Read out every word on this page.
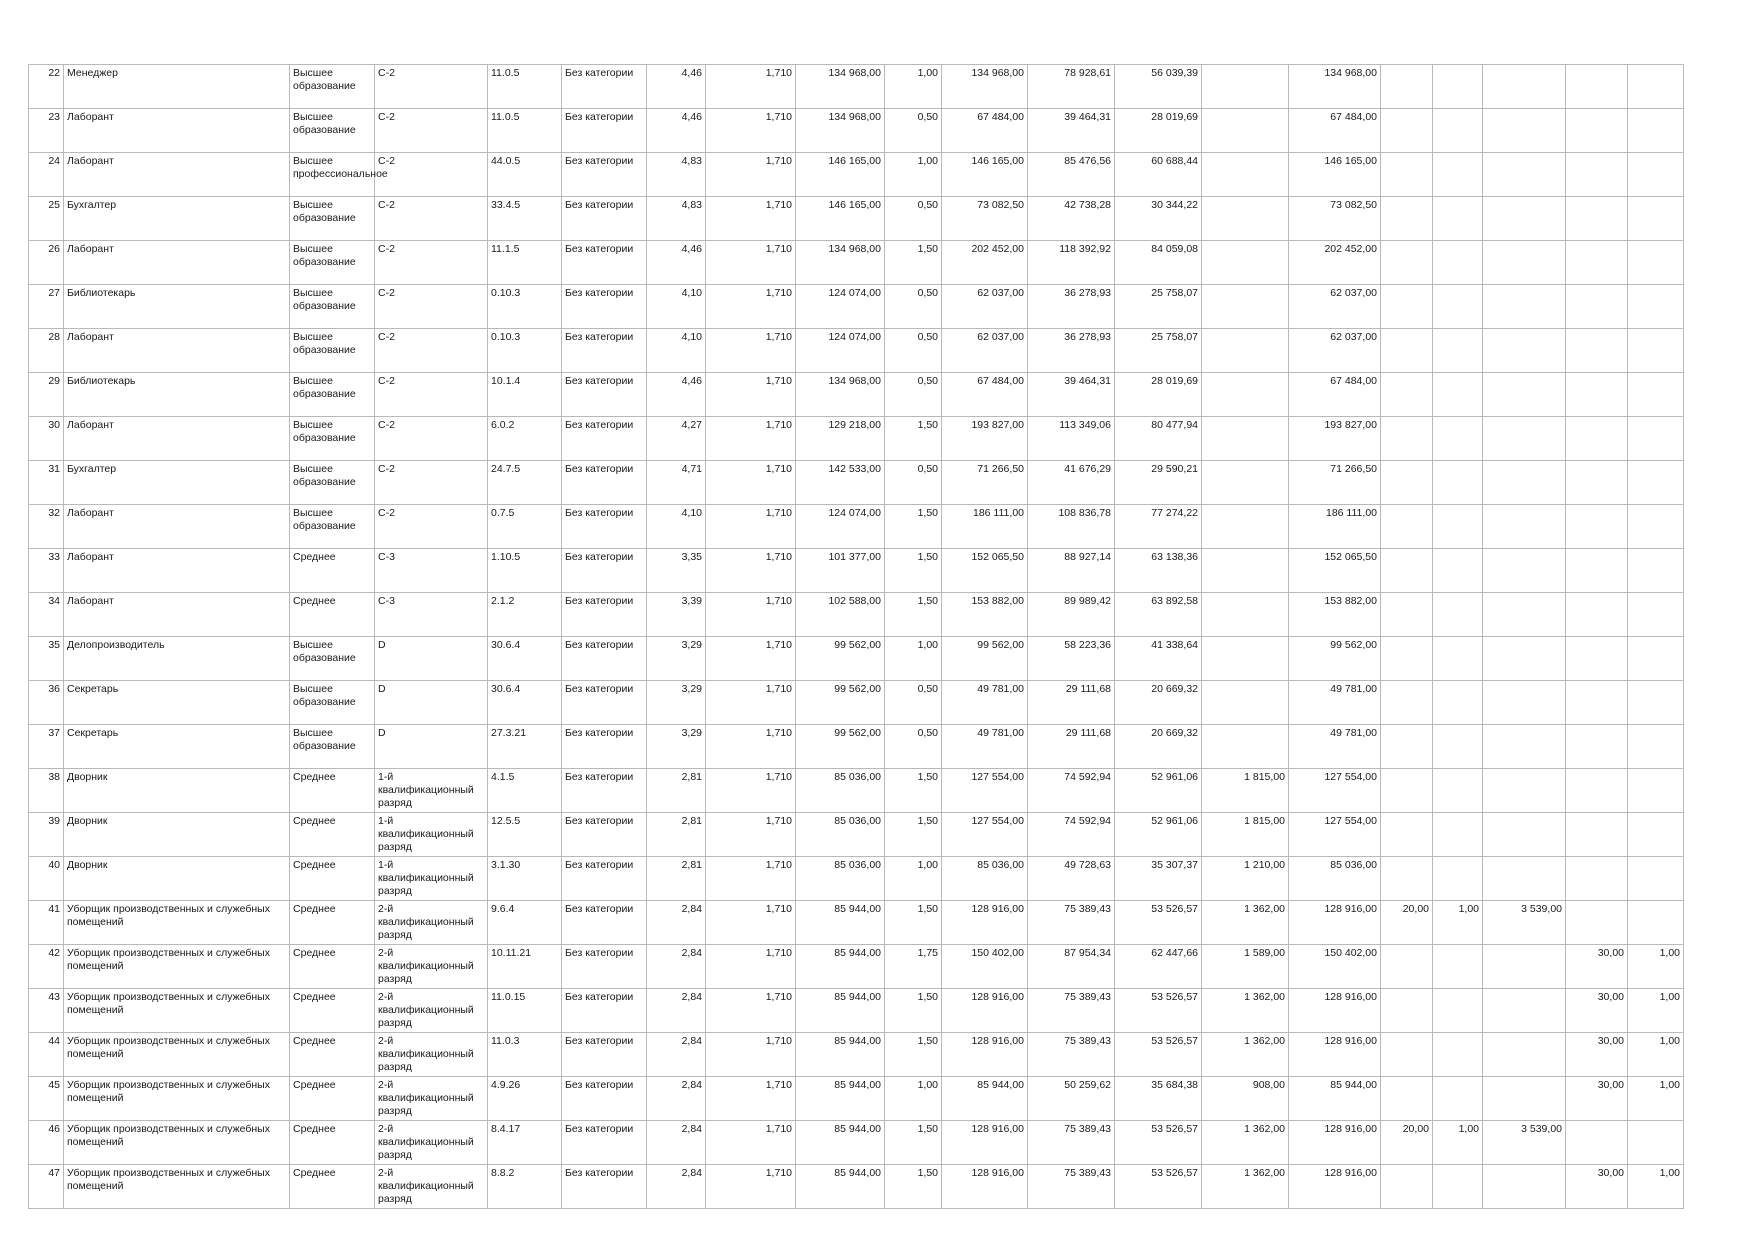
22	Менеджер	Высшее образование	C-2	11.0.5	Без категории	4,46	1,710	134 968,00	1,00	134 968,00	78 928,61	56 039,39		134 968,00					
23	Лаборант	Высшее образование	C-2	11.0.5	Без категории	4,46	1,710	134 968,00	0,50	67 484,00	39 464,31	28 019,69		67 484,00					
24	Лаборант	Высшее профессиональное	C-2	44.0.5	Без категории	4,83	1,710	146 165,00	1,00	146 165,00	85 476,56	60 688,44		146 165,00					
25	Бухгалтер	Высшее образование	C-2	33.4.5	Без категории	4,83	1,710	146 165,00	0,50	73 082,50	42 738,28	30 344,22		73 082,50					
26	Лаборант	Высшее образование	C-2	11.1.5	Без категории	4,46	1,710	134 968,00	1,50	202 452,00	118 392,92	84 059,08		202 452,00					
27	Библиотекарь	Высшее образование	C-2	0.10.3	Без категории	4,10	1,710	124 074,00	0,50	62 037,00	36 278,93	25 758,07		62 037,00					
28	Лаборант	Высшее образование	C-2	0.10.3	Без категории	4,10	1,710	124 074,00	0,50	62 037,00	36 278,93	25 758,07		62 037,00					
29	Библиотекарь	Высшее образование	C-2	10.1.4	Без категории	4,46	1,710	134 968,00	0,50	67 484,00	39 464,31	28 019,69		67 484,00					
30	Лаборант	Высшее образование	C-2	6.0.2	Без категории	4,27	1,710	129 218,00	1,50	193 827,00	113 349,06	80 477,94		193 827,00					
31	Бухгалтер	Высшее образование	C-2	24.7.5	Без категории	4,71	1,710	142 533,00	0,50	71 266,50	41 676,29	29 590,21		71 266,50					
32	Лаборант	Высшее образование	C-2	0.7.5	Без категории	4,10	1,710	124 074,00	1,50	186 111,00	108 836,78	77 274,22		186 111,00					
33	Лаборант	Среднее	C-3	1.10.5	Без категории	3,35	1,710	101 377,00	1,50	152 065,50	88 927,14	63 138,36		152 065,50					
34	Лаборант	Среднее	C-3	2.1.2	Без категории	3,39	1,710	102 588,00	1,50	153 882,00	89 989,42	63 892,58		153 882,00					
35	Делопроизводитель	Высшее образование	D	30.6.4	Без категории	3,29	1,710	99 562,00	1,00	99 562,00	58 223,36	41 338,64		99 562,00					
36	Секретарь	Высшее образование	D	30.6.4	Без категории	3,29	1,710	99 562,00	0,50	49 781,00	29 111,68	20 669,32		49 781,00					
37	Секретарь	Высшее образование	D	27.3.21	Без категории	3,29	1,710	99 562,00	0,50	49 781,00	29 111,68	20 669,32		49 781,00					
38	Дворник	Среднее	1-й квалификационный разряд	4.1.5	Без категории	2,81	1,710	85 036,00	1,50	127 554,00	74 592,94	52 961,06	1 815,00	127 554,00					
39	Дворник	Среднее	1-й квалификационный разряд	12.5.5	Без категории	2,81	1,710	85 036,00	1,50	127 554,00	74 592,94	52 961,06	1 815,00	127 554,00					
40	Дворник	Среднее	1-й квалификационный разряд	3.1.30	Без категории	2,81	1,710	85 036,00	1,00	85 036,00	49 728,63	35 307,37	1 210,00	85 036,00					
41	Уборщик производственных и служебных помещений	Среднее	2-й квалификационный разряд	9.6.4	Без категории	2,84	1,710	85 944,00	1,50	128 916,00	75 389,43	53 526,57	1 362,00	128 916,00	20,00	1,00	3 539,00		
42	Уборщик производственных и служебных помещений	Среднее	2-й квалификационный разряд	10.11.21	Без категории	2,84	1,710	85 944,00	1,75	150 402,00	87 954,34	62 447,66	1 589,00	150 402,00				30,00	1,00
43	Уборщик производственных и служебных помещений	Среднее	2-й квалификационный разряд	11.0.15	Без категории	2,84	1,710	85 944,00	1,50	128 916,00	75 389,43	53 526,57	1 362,00	128 916,00				30,00	1,00
44	Уборщик производственных и служебных помещений	Среднее	2-й квалификационный разряд	11.0.3	Без категории	2,84	1,710	85 944,00	1,50	128 916,00	75 389,43	53 526,57	1 362,00	128 916,00				30,00	1,00
45	Уборщик производственных и служебных помещений	Среднее	2-й квалификационный разряд	4.9.26	Без категории	2,84	1,710	85 944,00	1,00	85 944,00	50 259,62	35 684,38	908,00	85 944,00				30,00	1,00
46	Уборщик производственных и служебных помещений	Среднее	2-й квалификационный разряд	8.4.17	Без категории	2,84	1,710	85 944,00	1,50	128 916,00	75 389,43	53 526,57	1 362,00	128 916,00	20,00	1,00	3 539,00		
47	Уборщик производственных и служебных помещений	Среднее	2-й квалификационный разряд	8.8.2	Без категории	2,84	1,710	85 944,00	1,50	128 916,00	75 389,43	53 526,57	1 362,00	128 916,00				30,00	1,00
